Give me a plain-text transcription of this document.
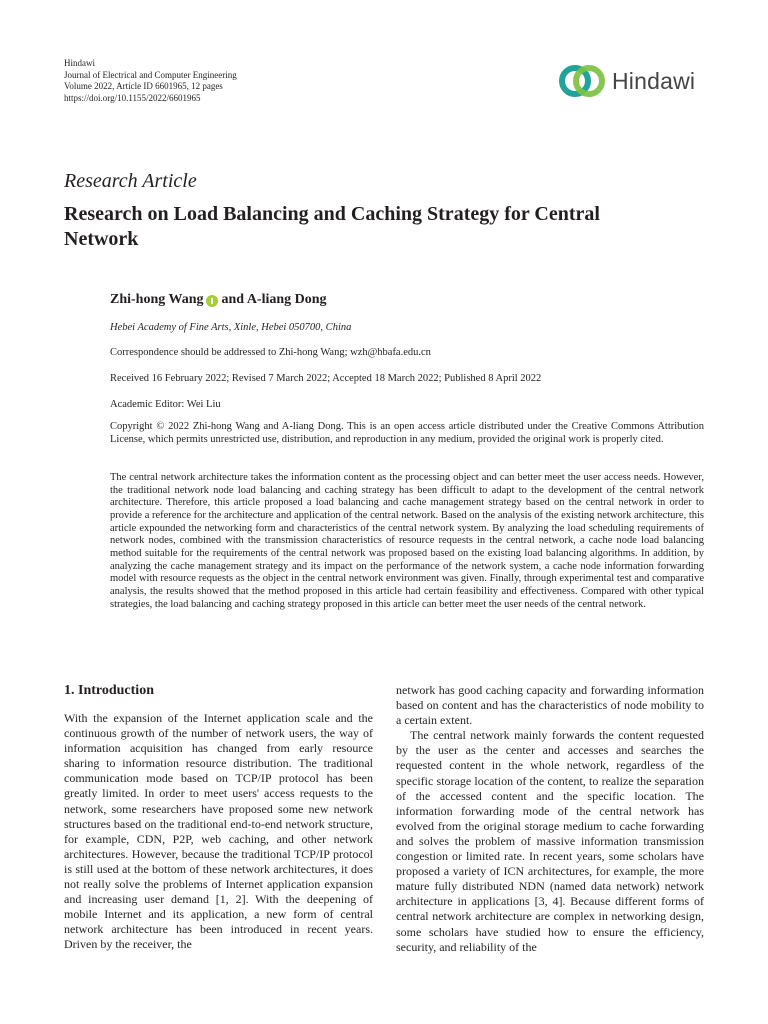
Hindawi
Journal of Electrical and Computer Engineering
Volume 2022, Article ID 6601965, 12 pages
https://doi.org/10.1155/2022/6601965
Hindawi
Research Article
Research on Load Balancing and Caching Strategy for Central Network
Zhi-hong Wang and A-liang Dong
Hebei Academy of Fine Arts, Xinle, Hebei 050700, China
Correspondence should be addressed to Zhi-hong Wang; wzh@hbafa.edu.cn
Received 16 February 2022; Revised 7 March 2022; Accepted 18 March 2022; Published 8 April 2022
Academic Editor: Wei Liu

Copyright © 2022 Zhi-hong Wang and A-liang Dong. This is an open access article distributed under the Creative Commons Attribution License, which permits unrestricted use, distribution, and reproduction in any medium, provided the original work is properly cited.

The central network architecture takes the information content as the processing object and can better meet the user access needs. However, the traditional network node load balancing and caching strategy has been difficult to adapt to the development of the central network architecture. Therefore, this article proposed a load balancing and cache management strategy based on the central network in order to provide a reference for the architecture and application of the central network. Based on the analysis of the existing network architecture, this article expounded the networking form and characteristics of the central network system. By analyzing the load scheduling requirements of network nodes, combined with the transmission characteristics of resource requests in the central network, a cache node load balancing method suitable for the requirements of the central network was proposed based on the existing load balancing algorithms. In addition, by analyzing the cache management strategy and its impact on the performance of the network system, a cache node information forwarding model with resource requests as the object in the central network environment was given. Finally, through experimental test and comparative analysis, the results showed that the method proposed in this article had certain feasibility and effectiveness. Compared with other typical strategies, the load balancing and caching strategy proposed in this article can better meet the user needs of the central network.

1. Introduction

With the expansion of the Internet application scale and the continuous growth of the number of network users, the way of information acquisition has changed from early resource sharing to information resource distribution. The traditional communication mode based on TCP/IP protocol has been greatly limited. In order to meet users' access requests to the network, some researchers have proposed some new network structures based on the traditional end-to-end network structure, for example, CDN, P2P, web caching, and other network architectures. However, because the traditional TCP/IP protocol is still used at the bottom of these network architectures, it does not really solve the problems of Internet application expansion and increasing user demand [1, 2]. With the deepening of mobile Internet and its application, a new form of central network architecture has been introduced in recent years. Driven by the receiver, the

network has good caching capacity and forwarding information based on content and has the characteristics of node mobility to a certain extent.

The central network mainly forwards the content requested by the user as the center and accesses and searches the requested content in the whole network, regardless of the specific storage location of the content, to realize the separation of the accessed content and the specific location. The information forwarding mode of the central network has evolved from the original storage medium to cache forwarding and solves the problem of massive information transmission congestion or limited rate. In recent years, some scholars have proposed a variety of ICN architectures, for example, the more mature fully distributed NDN (named data network) network architecture in applications [3, 4]. Because different forms of central network architecture are complex in networking design, some scholars have studied how to ensure the efficiency, security, and reliability of the
